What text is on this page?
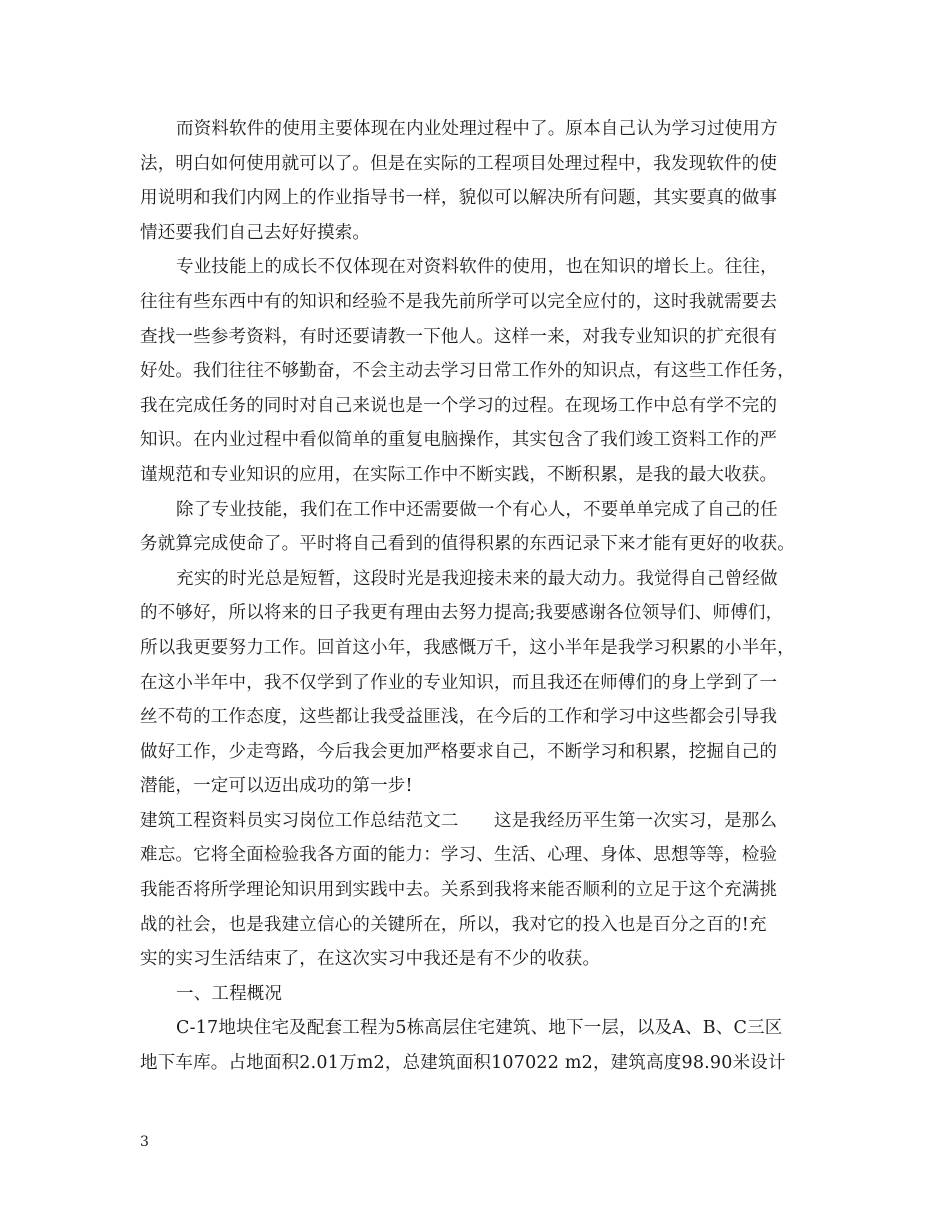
而资料软件的使用主要体现在内业处理过程中了。原本自己认为学习过使用方
法，明白如何使用就可以了。但是在实际的工程项目处理过程中，我发现软件的使
用说明和我们内网上的作业指导书一样，貌似可以解决所有问题，其实要真的做事
情还要我们自己去好好摸索。
专业技能上的成长不仅体现在对资料软件的使用，也在知识的增长上。往往，
往往有些东西中有的知识和经验不是我先前所学可以完全应付的，这时我就需要去
查找一些参考资料，有时还要请教一下他人。这样一来，对我专业知识的扩充很有
好处。我们往往不够勤奋，不会主动去学习日常工作外的知识点，有这些工作任务，
我在完成任务的同时对自己来说也是一个学习的过程。在现场工作中总有学不完的
知识。在内业过程中看似简单的重复电脑操作，其实包含了我们竣工资料工作的严
谨规范和专业知识的应用，在实际工作中不断实践，不断积累，是我的最大收获。
除了专业技能，我们在工作中还需要做一个有心人，不要单单完成了自己的任
务就算完成使命了。平时将自己看到的值得积累的东西记录下来才能有更好的收获。
充实的时光总是短暂，这段时光是我迎接未来的最大动力。我觉得自己曾经做
的不够好，所以将来的日子我更有理由去努力提高;我要感谢各位领导们、师傅们，
所以我更要努力工作。回首这小年，我感慨万千，这小半年是我学习积累的小半年，
在这小半年中，我不仅学到了作业的专业知识，而且我还在师傅们的身上学到了一
丝不苟的工作态度，这些都让我受益匪浅，在今后的工作和学习中这些都会引导我
做好工作，少走弯路，今后我会更加严格要求自己，不断学习和积累，挖掘自己的
潜能，一定可以迈出成功的第一步!
建筑工程资料员实习岗位工作总结范文二　　这是我经历平生第一次实习，是那么
难忘。它将全面检验我各方面的能力：学习、生活、心理、身体、思想等等，检验
我能否将所学理论知识用到实践中去。关系到我将来能否顺利的立足于这个充满挑
战的社会，也是我建立信心的关键所在，所以，我对它的投入也是百分之百的!充
实的实习生活结束了，在这次实习中我还是有不少的收获。
一、工程概况
C-17地块住宅及配套工程为5栋高层住宅建筑、地下一层，以及A、B、C三区
地下车库。占地面积2.01万m2，总建筑面积107022 m2，建筑高度98.90米设计
3
